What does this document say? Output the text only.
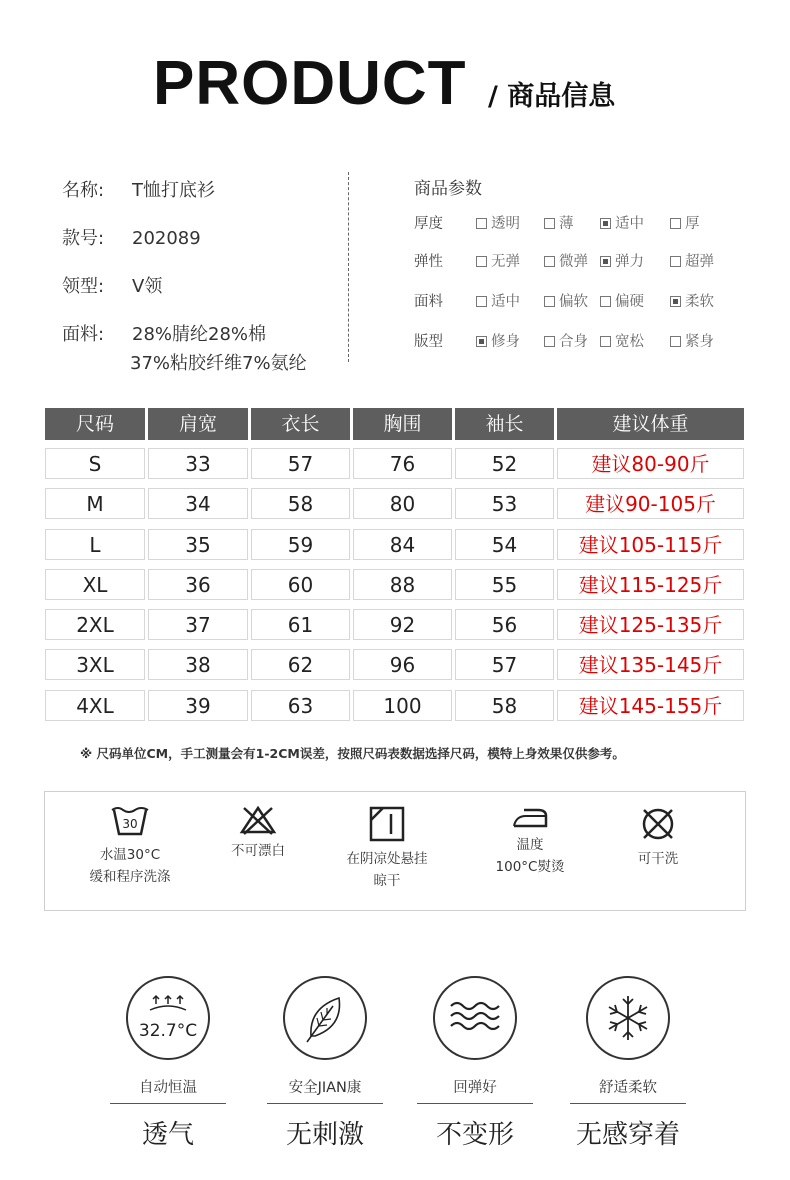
PRODUCT / 商品信息
名称: T恤打底衫
款号: 202089
领型: V领
面料: 28%腈纶28%棉
37%粘胶纤维7%氨纶
商品参数
厚度	透明	薄	适中	厚
弹性	无弹	微弹	弹力	超弹
面料	适中	偏软	偏硬	柔软
版型	修身	合身	宽松	紧身
尺码	肩宽	衣长	胸围	袖长	建议体重
S	33	57	76	52	建议80-90斤
M	34	58	80	53	建议90-105斤
L	35	59	84	54	建议105-115斤
XL	36	60	88	55	建议115-125斤
2XL	37	61	92	56	建议125-135斤
3XL	38	62	96	57	建议135-145斤
4XL	39	63	100	58	建议145-155斤
※ 尺码单位CM，手工测量会有1-2CM误差，按照尺码表数据选择尺码，模特上身效果仅供参考。
30
水温30°C
缓和程序洗涤
不可漂白	在阴凉处悬挂
晾干
温度
100°C熨烫	可干洗
32.7°C
自动恒温
透气
安全JIAN康
无刺激
回弹好
不变形
舒适柔软
无感穿着
